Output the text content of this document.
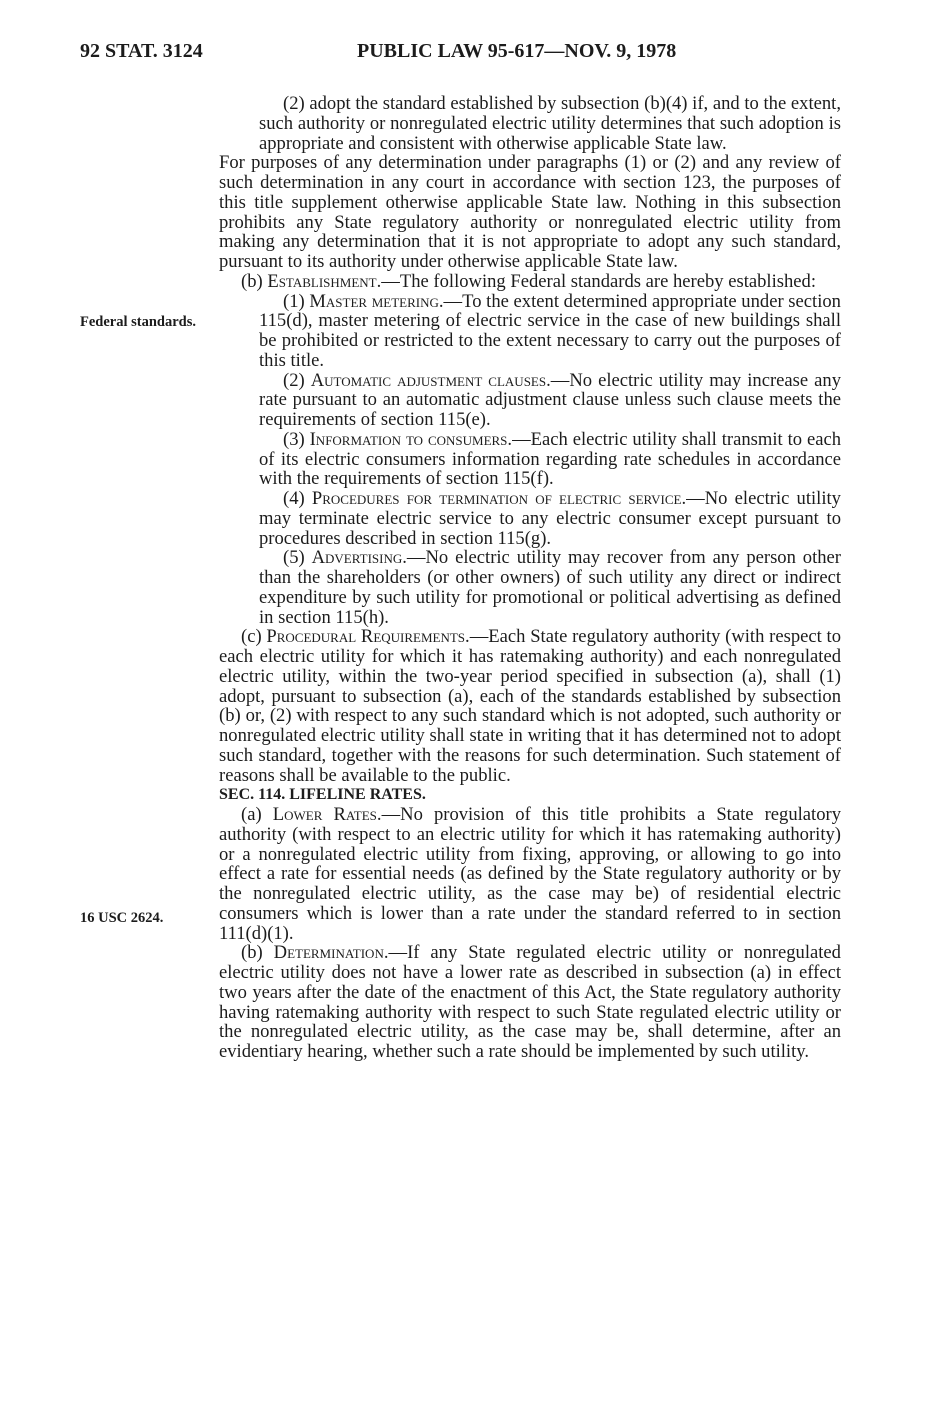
92 STAT. 3124	PUBLIC LAW 95-617—NOV. 9, 1978
Federal standards.
16 USC 2624.

(2) adopt the standard established by subsection (b)(4) if, and to the extent, such authority or nonregulated electric utility determines that such adoption is appropriate and consistent with otherwise applicable State law.

For purposes of any determination under paragraphs (1) or (2) and any review of such determination in any court in accordance with section 123, the purposes of this title supplement otherwise applicable State law. Nothing in this subsection prohibits any State regulatory authority or nonregulated electric utility from making any determination that it is not appropriate to adopt any such standard, pursuant to its authority under otherwise applicable State law.

(b) Establishment.—The following Federal standards are hereby established:

(1) Master metering.—To the extent determined appropriate under section 115(d), master metering of electric service in the case of new buildings shall be prohibited or restricted to the extent necessary to carry out the purposes of this title.

(2) Automatic adjustment clauses.—No electric utility may increase any rate pursuant to an automatic adjustment clause unless such clause meets the requirements of section 115(e).

(3) Information to consumers.—Each electric utility shall transmit to each of its electric consumers information regarding rate schedules in accordance with the requirements of section 115(f).

(4) Procedures for termination of electric service.—No electric utility may terminate electric service to any electric consumer except pursuant to procedures described in section 115(g).

(5) Advertising.—No electric utility may recover from any person other than the shareholders (or other owners) of such utility any direct or indirect expenditure by such utility for promotional or political advertising as defined in section 115(h).

(c) Procedural Requirements.—Each State regulatory authority (with respect to each electric utility for which it has ratemaking authority) and each nonregulated electric utility, within the two-year period specified in subsection (a), shall (1) adopt, pursuant to subsection (a), each of the standards established by subsection (b) or, (2) with respect to any such standard which is not adopted, such authority or nonregulated electric utility shall state in writing that it has determined not to adopt such standard, together with the reasons for such determination. Such statement of reasons shall be available to the public.

SEC. 114. LIFELINE RATES.

(a) Lower Rates.—No provision of this title prohibits a State regulatory authority (with respect to an electric utility for which it has ratemaking authority) or a nonregulated electric utility from fixing, approving, or allowing to go into effect a rate for essential needs (as defined by the State regulatory authority or by the nonregulated electric utility, as the case may be) of residential electric consumers which is lower than a rate under the standard referred to in section 111(d)(1).

(b) Determination.—If any State regulated electric utility or nonregulated electric utility does not have a lower rate as described in subsection (a) in effect two years after the date of the enactment of this Act, the State regulatory authority having ratemaking authority with respect to such State regulated electric utility or the nonregulated electric utility, as the case may be, shall determine, after an evidentiary hearing, whether such a rate should be implemented by such utility.
